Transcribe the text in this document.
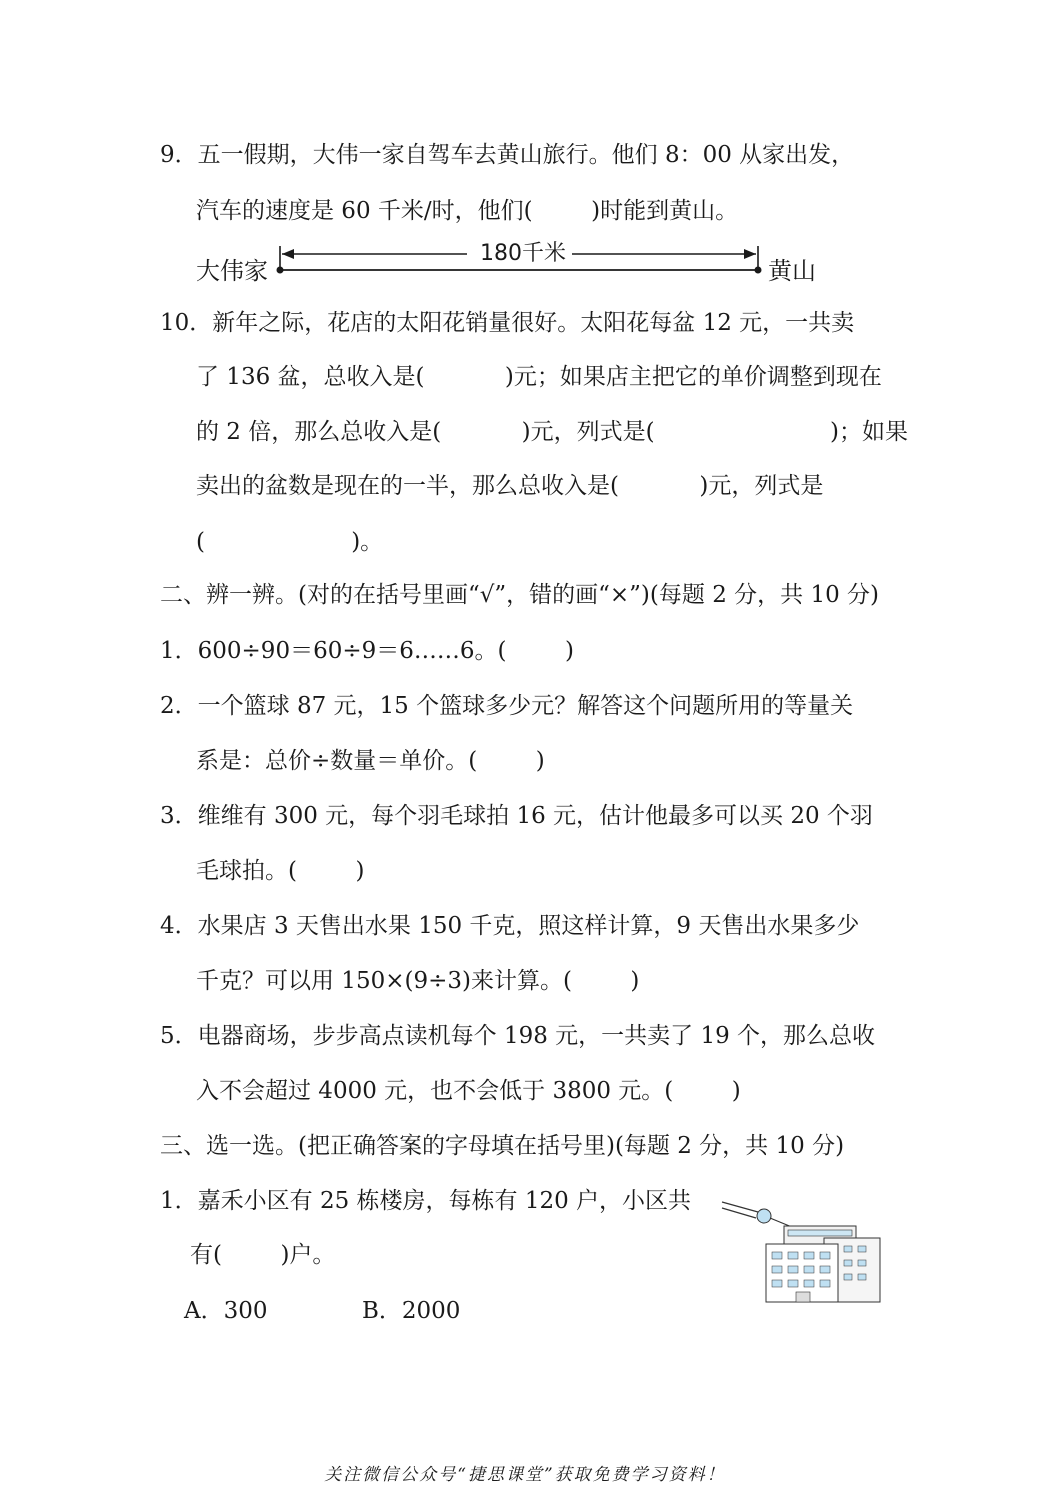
9．五一假期，大伟一家自驾车去黄山旅行。他们 8：00 从家出发，
汽车的速度是 60 千米/时，他们(        )时能到黄山。
大伟家	黄山
180千米
10．新年之际，花店的太阳花销量很好。太阳花每盆 12 元，一共卖
了 136 盆，总收入是(           )元；如果店主把它的单价调整到现在
的 2 倍，那么总收入是(           )元，列式是(                        )；如果
卖出的盆数是现在的一半，那么总收入是(           )元，列式是
(                    )。
二、辨一辨。(对的在括号里画“√”，错的画“×”)(每题 2 分，共 10 分)
1．600÷90＝60÷9＝6……6。(        )
2．一个篮球 87 元，15 个篮球多少元？解答这个问题所用的等量关
系是：总价÷数量＝单价。(        )
3．维维有 300 元，每个羽毛球拍 16 元，估计他最多可以买 20 个羽
毛球拍。(        )
4．水果店 3 天售出水果 150 千克，照这样计算，9 天售出水果多少
千克？可以用 150×(9÷3)来计算。(        )
5．电器商场，步步高点读机每个 198 元，一共卖了 19 个，那么总收
入不会超过 4000 元，也不会低于 3800 元。(        )
三、选一选。(把正确答案的字母填在括号里)(每题 2 分，共 10 分)
1．嘉禾小区有 25 栋楼房，每栋有 120 户，小区共
有(        )户。
A．300	B．2000
关注微信公众号“捷思课堂”获取免费学习资料！
